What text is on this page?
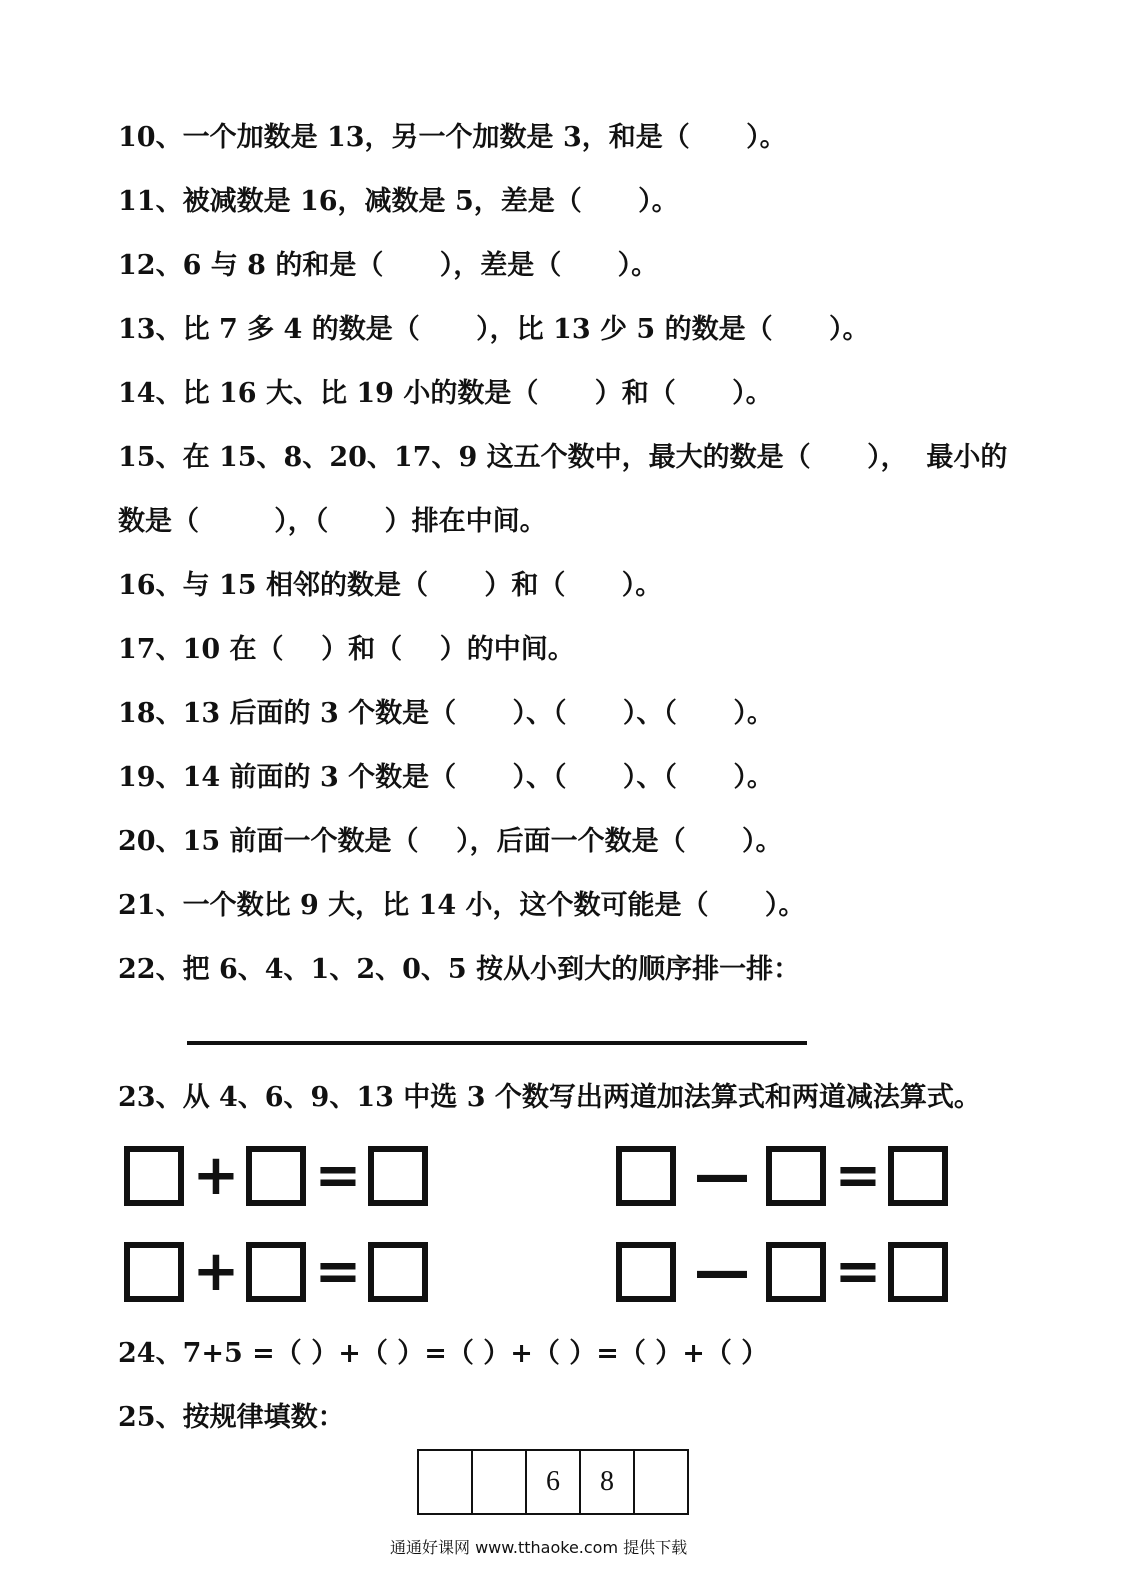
10、一个加数是 13，另一个加数是 3，和是（      ）。
11、被减数是 16，减数是 5，差是（      ）。
12、6 与 8 的和是（      ），差是（      ）。
13、比 7 多 4 的数是（      ），比 13 少 5 的数是（      ）。
14、比 16 大、比 19 小的数是（      ）和（      ）。
15、在 15、8、20、17、9 这五个数中，最大的数是（      ），  最小的
数是（        ），（      ）排在中间。
16、与 15 相邻的数是（      ）和（      ）。
17、10 在（    ）和（    ）的中间。
18、13 后面的 3 个数是（      ）、（      ）、（      ）。
19、14 前面的 3 个数是（      ）、（      ）、（      ）。
20、15 前面一个数是（    ），后面一个数是（      ）。
21、一个数比 9 大，比 14 小，这个数可能是（      ）。
22、把 6、4、1、2、0、5 按从小到大的顺序排一排：
23、从 4、6、9、13 中选 3 个数写出两道加法算式和两道减法算式。
+ =	— =
+ =	— =
24、7+5 =（ ）+（ ）=（ ）+（ ）=（ ）+（ ）
25、按规律填数：
6	8
通通好课网 www.tthaoke.com 提供下载
